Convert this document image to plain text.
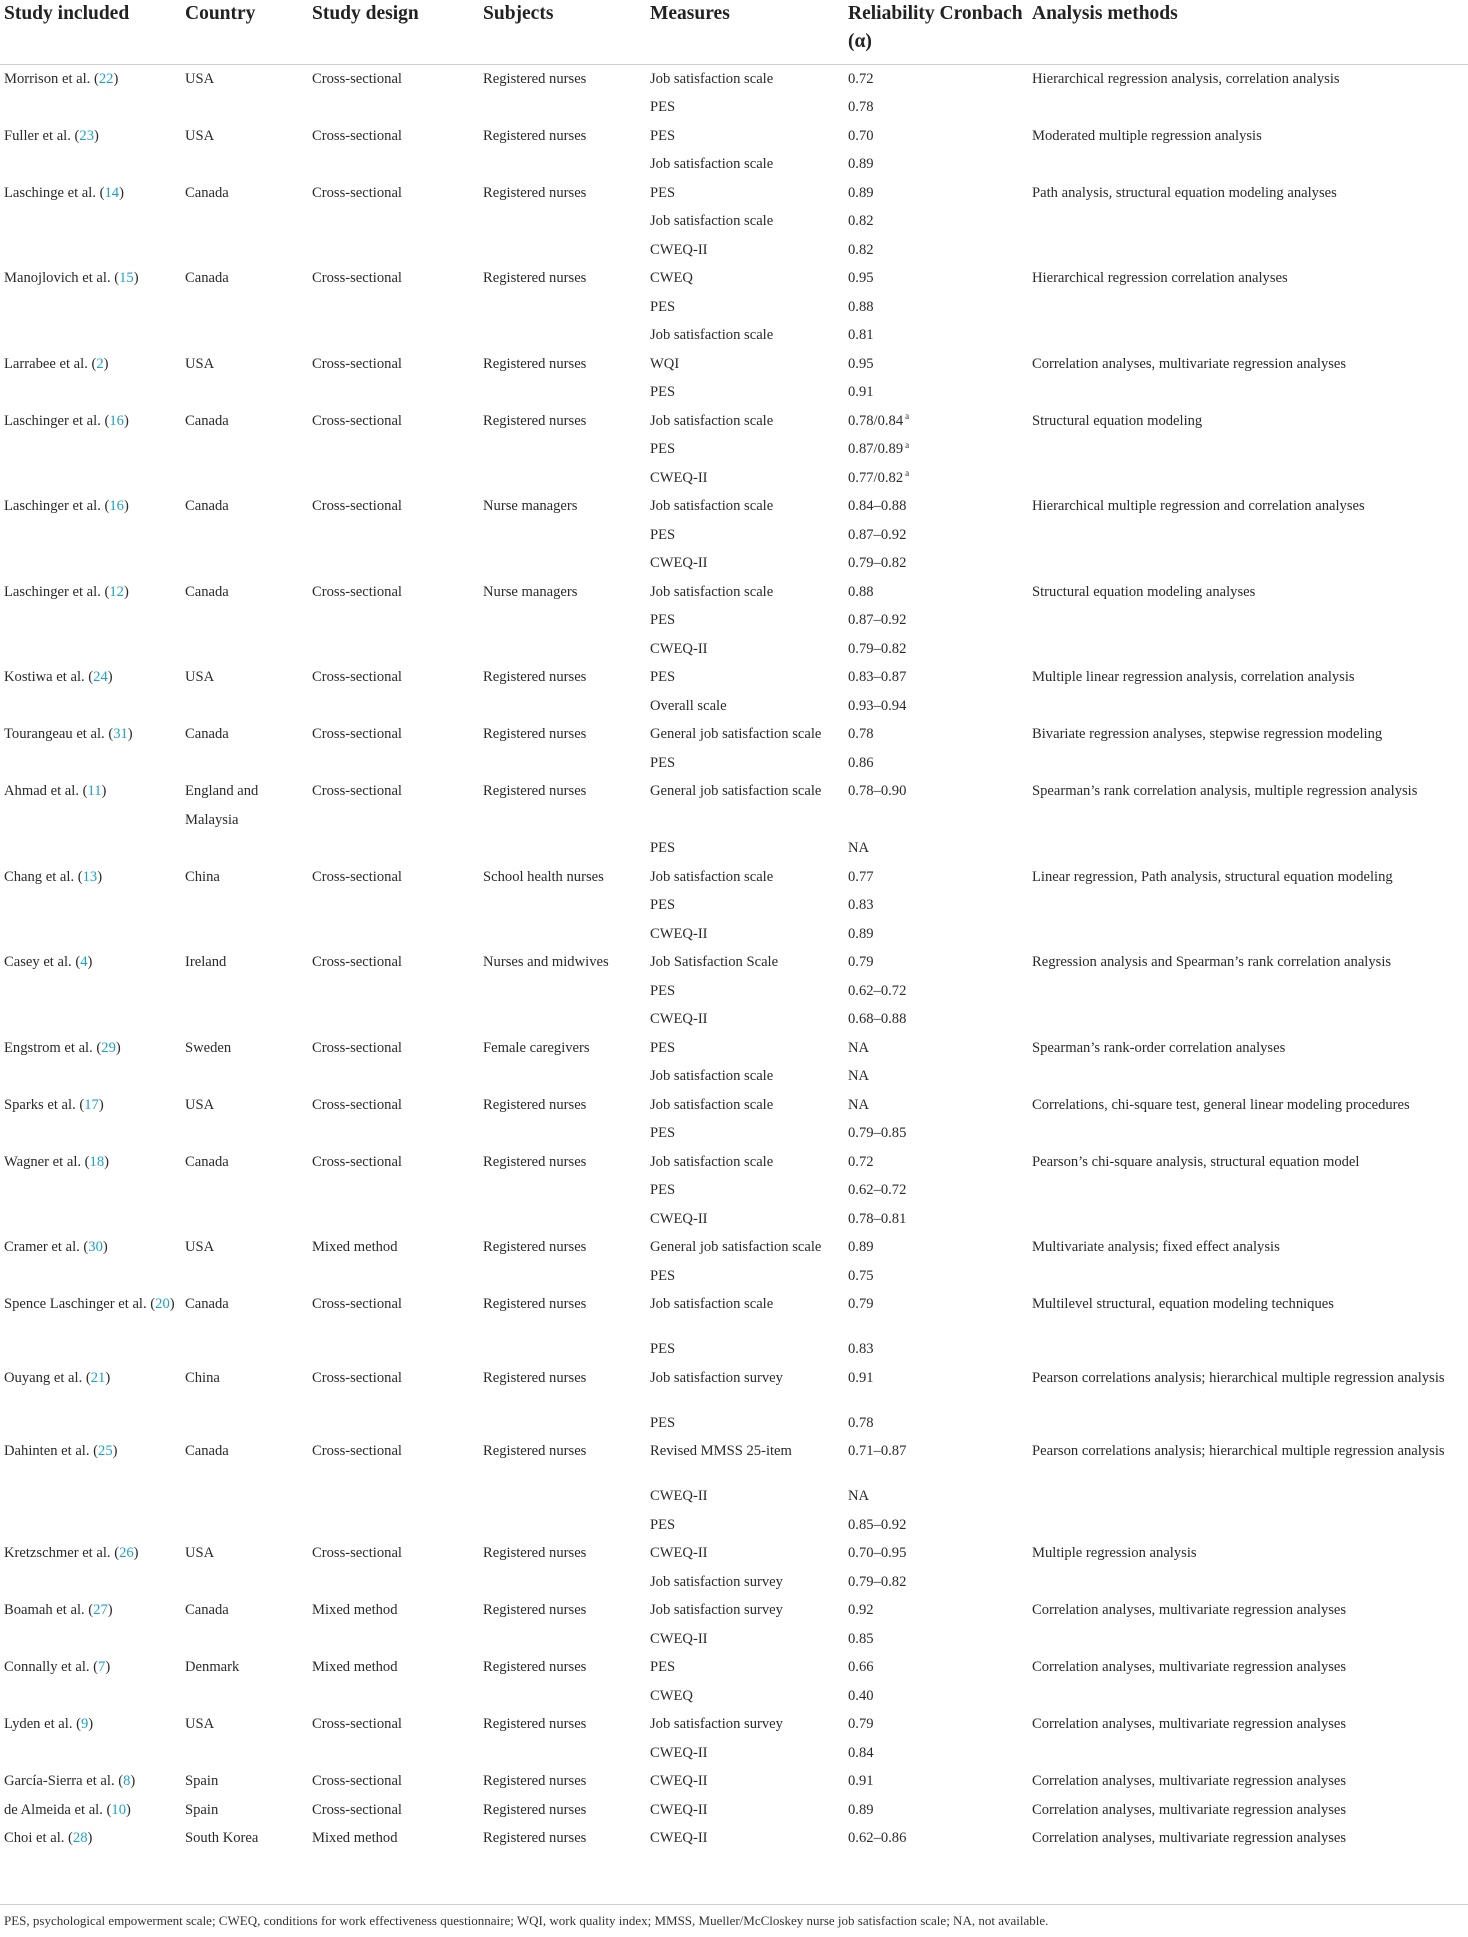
Study included	Country	Study design	Subjects	Measures	Reliability Cronbach (α)	Analysis methods
Morrison et al. (22)	USA	Cross-sectional	Registered nurses	Job satisfaction scale	0.72	Hierarchical regression analysis, correlation analysis
				PES	0.78	
Fuller et al. (23)	USA	Cross-sectional	Registered nurses	PES	0.70	Moderated multiple regression analysis
				Job satisfaction scale	0.89	
Laschinge et al. (14)	Canada	Cross-sectional	Registered nurses	PES	0.89	Path analysis, structural equation modeling analyses
				Job satisfaction scale	0.82	
				CWEQ-II	0.82	
Manojlovich et al. (15)	Canada	Cross-sectional	Registered nurses	CWEQ	0.95	Hierarchical regression correlation analyses
				PES	0.88	
				Job satisfaction scale	0.81	
Larrabee et al. (2)	USA	Cross-sectional	Registered nurses	WQI	0.95	Correlation analyses, multivariate regression analyses
				PES	0.91	
Laschinger et al. (16)	Canada	Cross-sectional	Registered nurses	Job satisfaction scale	0.78/0.84 $^a$	Structural equation modeling
				PES	0.87/0.89 $^a$	
				CWEQ-II	0.77/0.82 $^a$	
Laschinger et al. (16)	Canada	Cross-sectional	Nurse managers	Job satisfaction scale	0.84–0.88	Hierarchical multiple regression and correlation analyses
				PES	0.87–0.92	
				CWEQ-II	0.79–0.82	
Laschinger et al. (12)	Canada	Cross-sectional	Nurse managers	Job satisfaction scale	0.88	Structural equation modeling analyses
				PES	0.87–0.92	
				CWEQ-II	0.79–0.82	
Kostiwa et al. (24)	USA	Cross-sectional	Registered nurses	PES	0.83–0.87	Multiple linear regression analysis, correlation analysis
				Overall scale	0.93–0.94	
Tourangeau et al. (31)	Canada	Cross-sectional	Registered nurses	General job satisfaction scale	0.78	Bivariate regression analyses, stepwise regression modeling
				PES	0.86	
Ahmad et al. (11)	England and Malaysia	Cross-sectional	Registered nurses	General job satisfaction scale	0.78–0.90	Spearman’s rank correlation analysis, multiple regression analysis
				PES	NA	
Chang et al. (13)	China	Cross-sectional	School health nurses	Job satisfaction scale	0.77	Linear regression, Path analysis, structural equation modeling
				PES	0.83	
				CWEQ-II	0.89	
Casey et al. (4)	Ireland	Cross-sectional	Nurses and midwives	Job Satisfaction Scale	0.79	Regression analysis and Spearman’s rank correlation analysis
				PES	0.62–0.72	
				CWEQ-II	0.68–0.88	
Engstrom et al. (29)	Sweden	Cross-sectional	Female caregivers	PES	NA	Spearman’s rank-order correlation analyses
				Job satisfaction scale	NA	
Sparks et al. (17)	USA	Cross-sectional	Registered nurses	Job satisfaction scale	NA	Correlations, chi-square test, general linear modeling procedures
				PES	0.79–0.85	
Wagner et al. (18)	Canada	Cross-sectional	Registered nurses	Job satisfaction scale	0.72	Pearson’s chi-square analysis, structural equation model
				PES	0.62–0.72	
				CWEQ-II	0.78–0.81	
Cramer et al. (30)	USA	Mixed method	Registered nurses	General job satisfaction scale	0.89	Multivariate analysis; fixed effect analysis
				PES	0.75	
Spence Laschinger et al. (20)	Canada	Cross-sectional	Registered nurses	Job satisfaction scale	0.79	Multilevel structural, equation modeling techniques
				PES	0.83	
Ouyang et al. (21)	China	Cross-sectional	Registered nurses	Job satisfaction survey	0.91	Pearson correlations analysis; hierarchical multiple regression analysis
				PES	0.78	
Dahinten et al. (25)	Canada	Cross-sectional	Registered nurses	Revised MMSS 25-item	0.71–0.87	Pearson correlations analysis; hierarchical multiple regression analysis
				CWEQ-II	NA	
				PES	0.85–0.92	
Kretzschmer et al. (26)	USA	Cross-sectional	Registered nurses	CWEQ-II	0.70–0.95	Multiple regression analysis
				Job satisfaction survey	0.79–0.82	
Boamah et al. (27)	Canada	Mixed method	Registered nurses	Job satisfaction survey	0.92	Correlation analyses, multivariate regression analyses
				CWEQ-II	0.85	
Connally et al. (7)	Denmark	Mixed method	Registered nurses	PES	0.66	Correlation analyses, multivariate regression analyses
				CWEQ	0.40	
Lyden et al. (9)	USA	Cross-sectional	Registered nurses	Job satisfaction survey	0.79	Correlation analyses, multivariate regression analyses
				CWEQ-II	0.84	
García-Sierra et al. (8)	Spain	Cross-sectional	Registered nurses	CWEQ-II	0.91	Correlation analyses, multivariate regression analyses
de Almeida et al. (10)	Spain	Cross-sectional	Registered nurses	CWEQ-II	0.89	Correlation analyses, multivariate regression analyses
Choi et al. (28)	South Korea	Mixed method	Registered nurses	CWEQ-II	0.62–0.86	Correlation analyses, multivariate regression analyses
PES, psychological empowerment scale; CWEQ, conditions for work effectiveness questionnaire; WQI, work quality index; MMSS, Mueller/McCloskey nurse job satisfaction scale; NA, not available.
